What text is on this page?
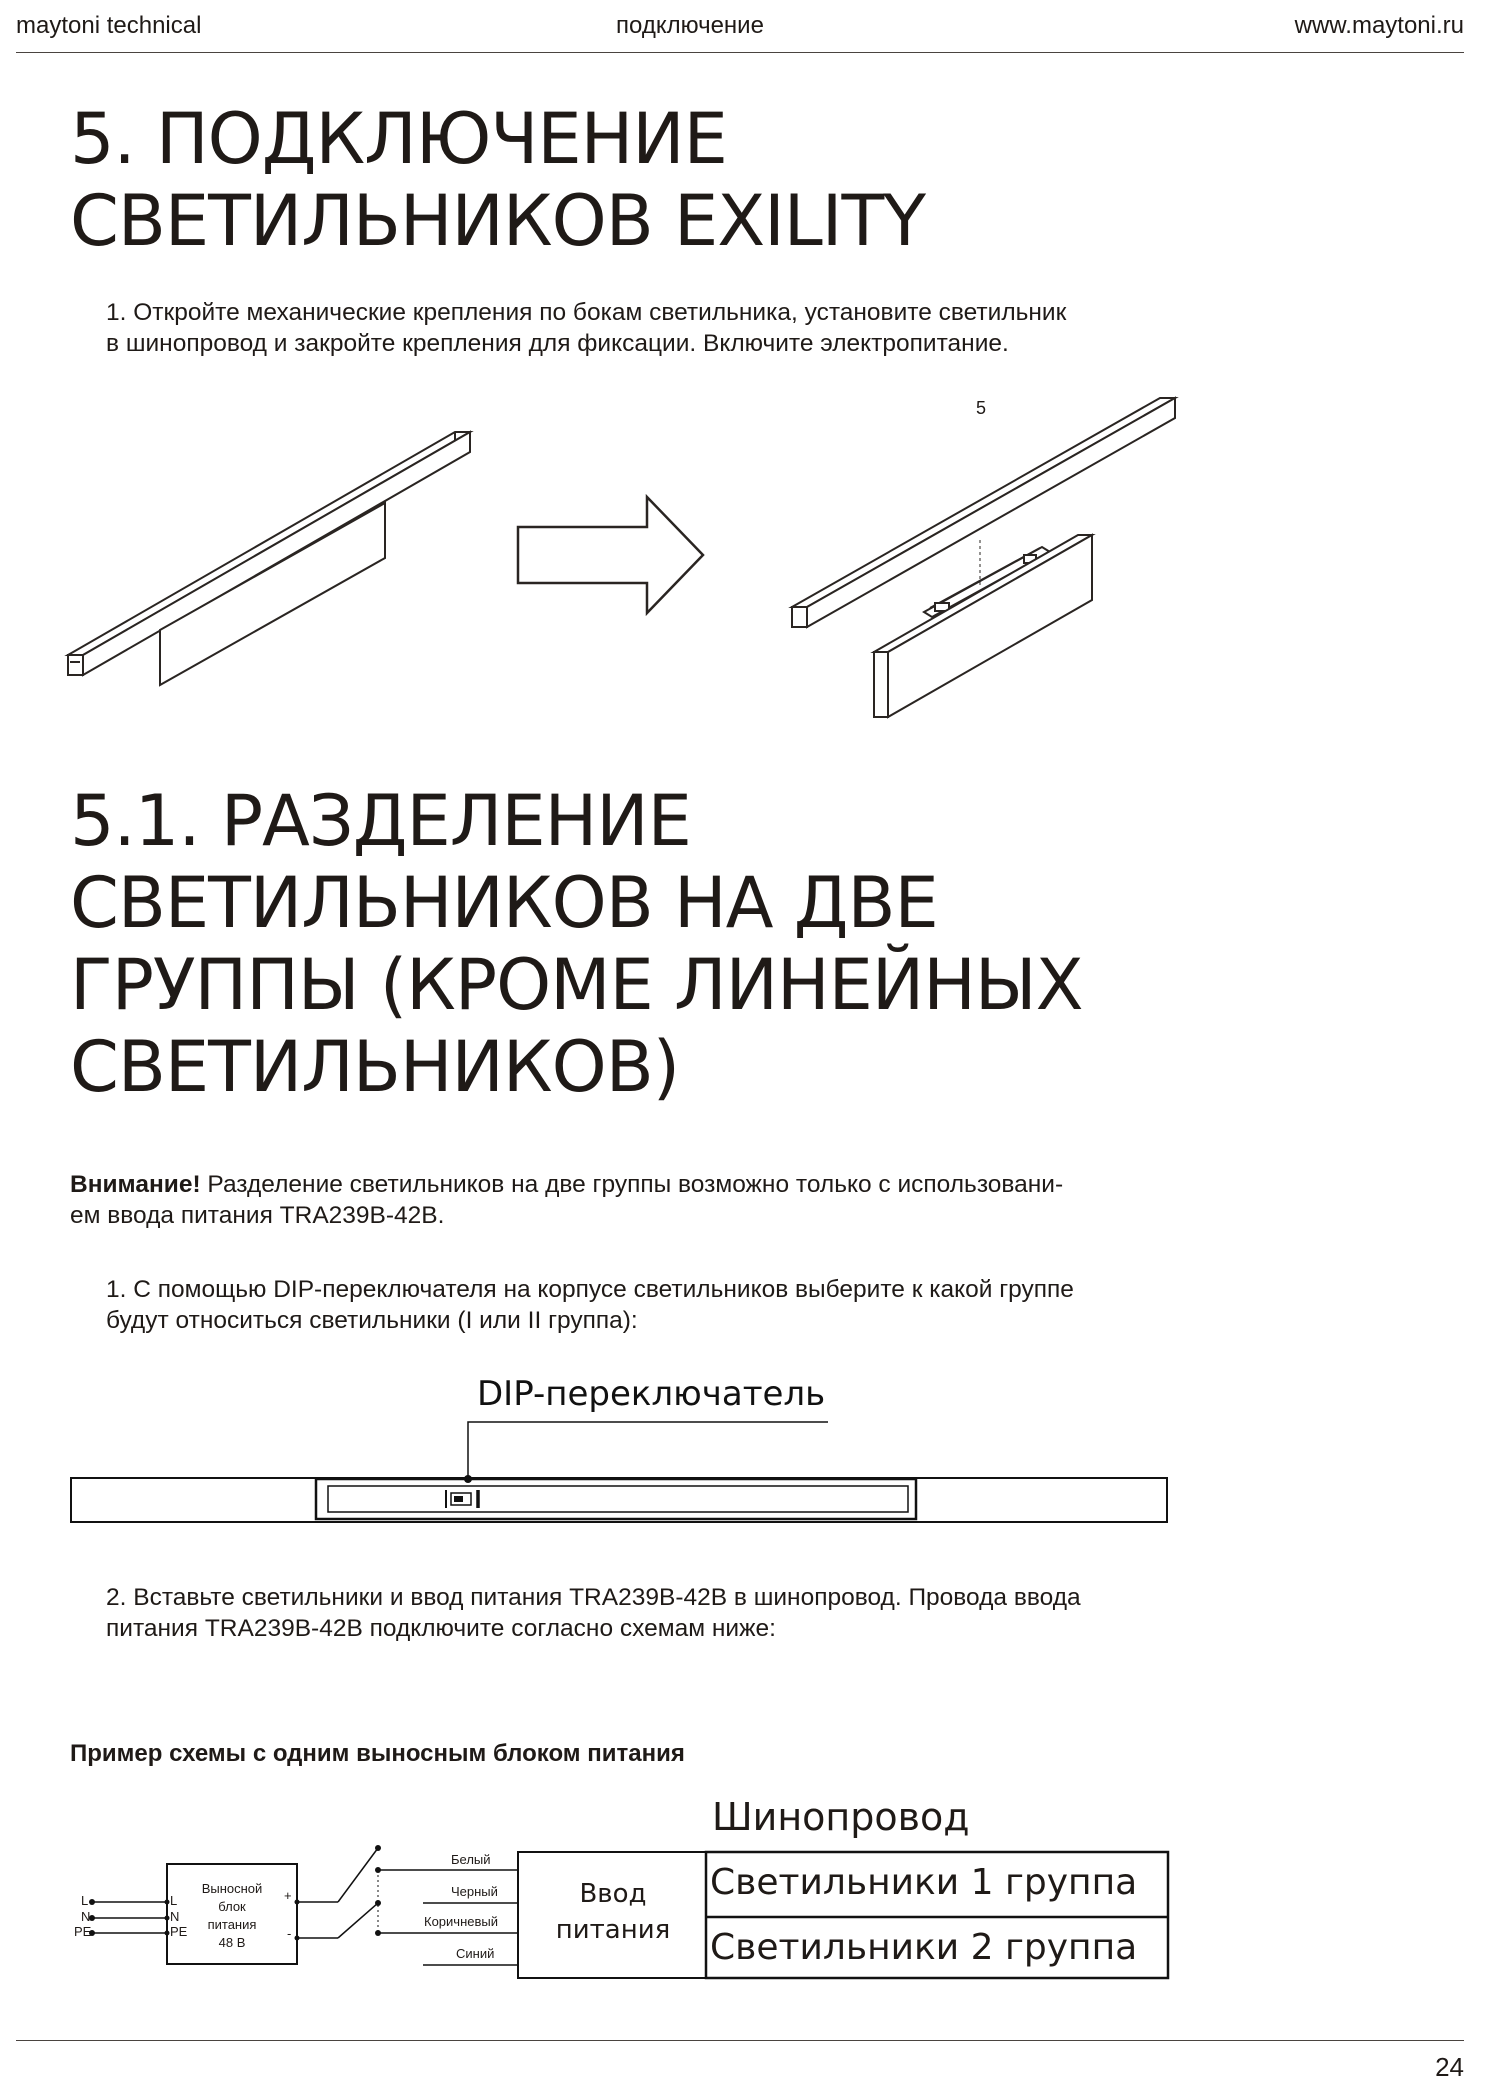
maytoni technical	подключение	www.maytoni.ru
5. ПОДКЛЮЧЕНИЕ
СВЕТИЛЬНИКОВ EXILITY
1. Откройте механические крепления по бокам светильника, установите светильник
в шинопровод и закройте крепления для фиксации. Включите электропитание.
5
5.1. РАЗДЕЛЕНИЕ
СВЕТИЛЬНИКОВ НА ДВЕ
ГРУППЫ (КРОМЕ ЛИНЕЙНЫХ
СВЕТИЛЬНИКОВ)
Внимание! Разделение светильников на две группы возможно только с использовани-
ем ввода питания TRA239B-42B.
1. С помощью DIP-переключателя на корпусе светильников выберите к какой группе
будут относиться светильники (I или II группа):
DIP-переключатель
2. Вставьте светильники и ввод питания TRA239B-42B в шинопровод. Провода ввода
питания TRA239B-42B подключите согласно схемам ниже:
Пример схемы с одним выносным блоком питания
L
N
PE
L
N
PE
+
-
Выносной
блок
питания
48 В
Белый
Черный
Коричневый
Синий
Ввод
питания
Шинопровод
Светильники 1 группа
Светильники 2 группа
24
